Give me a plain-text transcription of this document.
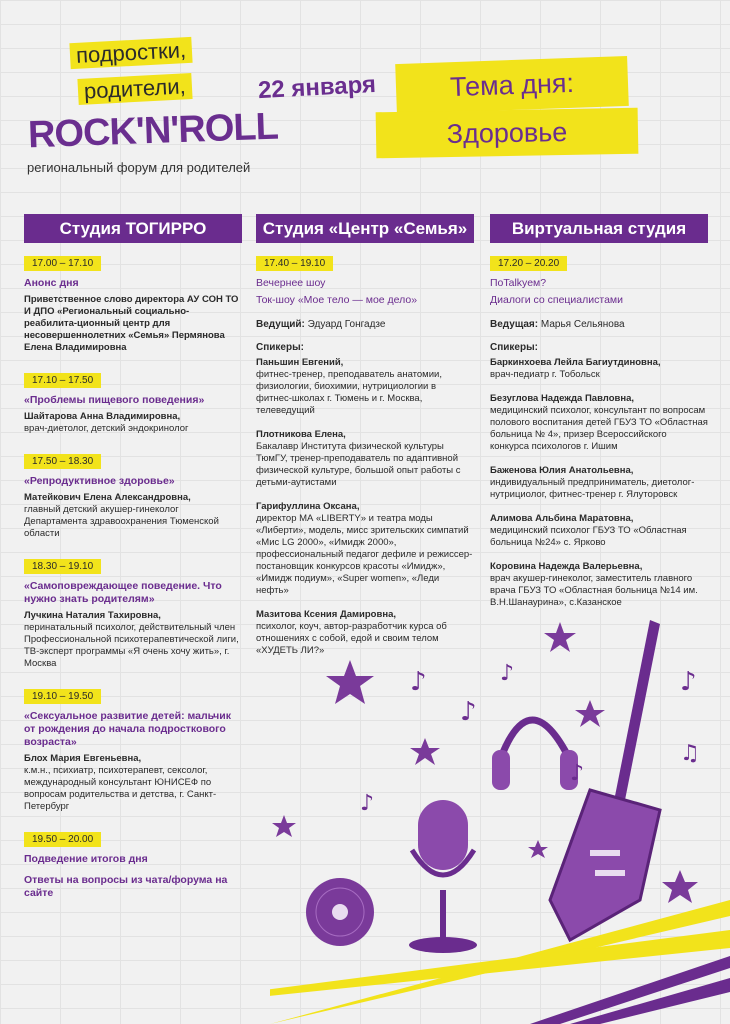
подростки,
родители,
ROCK'N'ROLL
региональный форум для родителей
22 января	Тема дня:
Здоровье
Студия ТОГИРРО
17.00 – 17.10

Анонс дня

Приветственное слово директора АУ СОН ТО И ДПО «Региональный социально-реабилита-ционный центр для несовершеннолетних «Семья» Пермянова Елена Владимировна

17.10 – 17.50

«Проблемы пищевого поведения»

Шайтарова Анна Владимировна,

врач-диетолог, детский эндокринолог

17.50 – 18.30

«Репродуктивное здоровье»

Матейкович Елена Александровна,

главный детский акушер-гинеколог Департамента здравоохранения Тюменской области

18.30 – 19.10

«Самоповреждающее поведение. Что нужно знать родителям»

Лучкина Наталия Тахировна,

перинатальный психолог, действительный член Профессиональной психотерапевтической лиги, ТВ-эксперт программы «Я очень хочу жить», г. Москва

19.10 – 19.50

«Сексуальное развитие детей: мальчик от рождения до начала подросткового возраста»

Блох Мария Евгеньевна,

к.м.н., психиатр, психотерапевт, сексолог, международный консультант ЮНИСЕФ по вопросам родительства и детства, г. Санкт-Петербург

19.50 – 20.00

Подведение итогов дня

Ответы на вопросы из чата/форума на сайте

Студия «Центр «Семья»
17.40 – 19.10

Вечернее шоу

Ток-шоу «Мое тело — мое дело»

Ведущий: Эдуард Гонгадзе

Спикеры:

Паньшин Евгений,

фитнес-тренер, преподаватель анатомии, физиологии, биохимии, нутрициологии в фитнес-школах г. Тюмень и г. Москва, телеведущий

Плотникова Елена,

Бакалавр Института физической культуры ТюмГУ, тренер-преподаватель по адаптивной физической культуре, большой опыт работы с детьми-аутистами

Гарифуллина Оксана,

директор МА «LIBERTY» и театра моды «Либерти», модель, мисс зрительских симпатий «Мис LG 2000», «Имидж 2000», профессиональный педагог дефиле и режиссер-постановщик конкурсов красоты «Имидж», «Имидж подиум», «Super women», «Леди нефть»

Мазитова Ксения Дамировна,

психолог, коуч, автор-разработчик курса об отношениях с собой, едой и своим телом «ХУДЕТЬ ЛИ?»

Виртуальная студия
17.20 – 20.20

ПоTalkуем?

Диалоги со специалистами

Ведущая: Марья Сельянова

Спикеры:

Баркинхоева Лейла Багиутдиновна,

врач-педиатр г. Тобольск

Безуглова Надежда Павловна,

медицинский психолог, консультант по вопросам полового воспитания детей ГБУЗ ТО «Областная больница № 4», призер Всероссийского конкурса психологов г. Ишим

Баженова Юлия Анатольевна,

индивидуальный предприниматель, диетолог-нутрициолог, фитнес-тренер г. Ялуторовск

Алимова Альбина Маратовна,

медицинский психолог ГБУЗ ТО «Областная больница №24» с. Ярково

Коровина Надежда Валерьевна,

врач акушер-гинеколог, заместитель главного врача ГБУЗ ТО «Областная больница №14 им. В.Н.Шанаурина», с.Казанское

♪
♪
♪	♪
♫
♪
♪
